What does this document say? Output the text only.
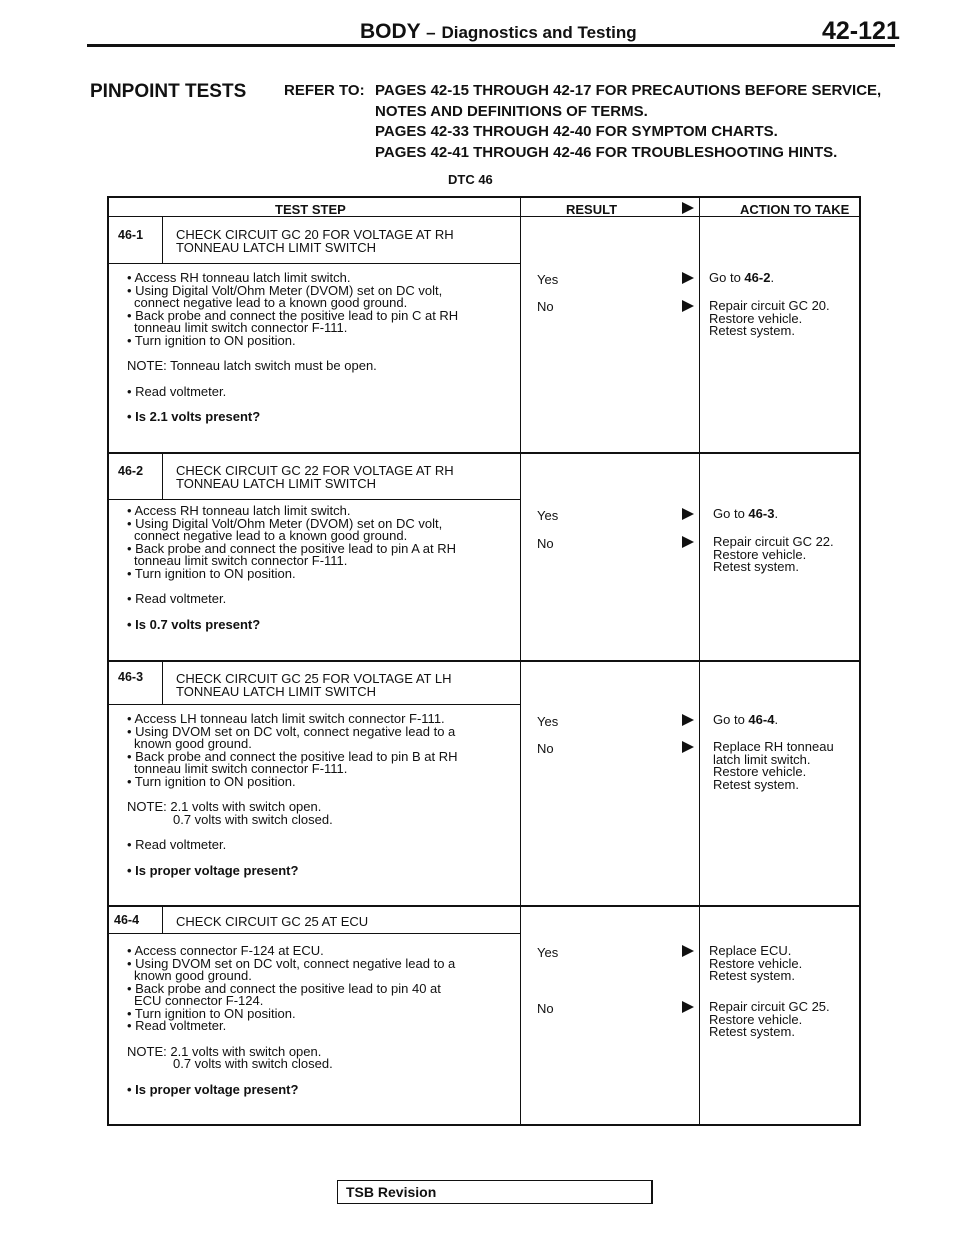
BODY – Diagnostics and Testing	42-121
PINPOINT TESTS	REFER TO: PAGES 42-15 THROUGH 42-17 FOR PRECAUTIONS BEFORE SERVICE,
NOTES AND DEFINITIONS OF TERMS.
PAGES 42-33 THROUGH 42-40 FOR SYMPTOM CHARTS.
PAGES 42-41 THROUGH 42-46 FOR TROUBLESHOOTING HINTS.
DTC 46
TEST STEP	RESULT	ACTION TO TAKE
46-1	CHECK CIRCUIT GC 20 FOR VOLTAGE AT RH
TONNEAU LATCH LIMIT SWITCH

• Access RH tonneau latch limit switch.

• Using Digital Volt/Ohm Meter (DVOM) set on DC volt,

connect negative lead to a known good ground.

• Back probe and connect the positive lead to pin C at RH

tonneau limit switch connector F-111.

• Turn ignition to ON position.

NOTE: Tonneau latch switch must be open.

• Read voltmeter.

• Is 2.1 volts present?

Yes	Go to 46-2.
No	Repair circuit GC 20.
Restore vehicle.
Retest system.
46-2	CHECK CIRCUIT GC 22 FOR VOLTAGE AT RH
TONNEAU LATCH LIMIT SWITCH

• Access RH tonneau latch limit switch.

• Using Digital Volt/Ohm Meter (DVOM) set on DC volt,

connect negative lead to a known good ground.

• Back probe and connect the positive lead to pin A at RH

tonneau limit switch connector F-111.

• Turn ignition to ON position.

• Read voltmeter.

• Is 0.7 volts present?

Yes	Go to 46-3.
No	Repair circuit GC 22.
Restore vehicle.
Retest system.
46-3	CHECK CIRCUIT GC 25 FOR VOLTAGE AT LH
TONNEAU LATCH LIMIT SWITCH

• Access LH tonneau latch limit switch connector F-111.

• Using DVOM set on DC volt, connect negative lead to a

known good ground.

• Back probe and connect the positive lead to pin B at RH

tonneau limit switch connector F-111.

• Turn ignition to ON position.

NOTE: 2.1 volts with switch open.

0.7 volts with switch closed.

• Read voltmeter.

• Is proper voltage present?

Yes	Go to 46-4.
No	Replace RH tonneau
latch limit switch.
Restore vehicle.
Retest system.
46-4	CHECK CIRCUIT GC 25 AT ECU

• Access connector F-124 at ECU.

• Using DVOM set on DC volt, connect negative lead to a

known good ground.

• Back probe and connect the positive lead to pin 40 at

ECU connector F-124.

• Turn ignition to ON position.

• Read voltmeter.

NOTE: 2.1 volts with switch open.

0.7 volts with switch closed.

• Is proper voltage present?

Yes	Replace ECU.
Restore vehicle.
Retest system.
No	Repair circuit GC 25.
Restore vehicle.
Retest system.
TSB Revision
